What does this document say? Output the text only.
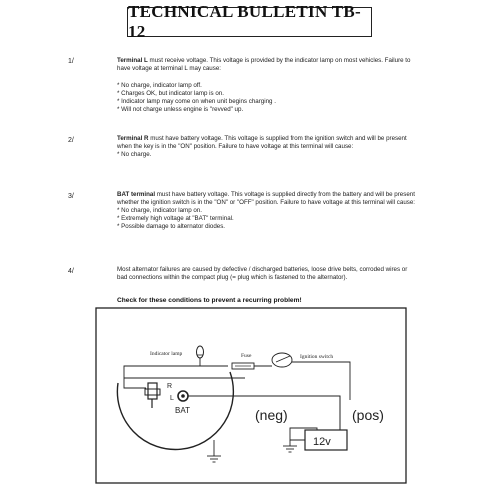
TECHNICAL BULLETIN TB-12
1/	Terminal L must receive voltage. This voltage is provided by the indicator lamp on most vehicles. Failure to have voltage at terminal L may cause:

* No charge, indicator lamp off.
* Charges OK, but indicator lamp is on.
* Indicator lamp may come on when unit begins charging .
* Will not charge unless engine is "revved" up.
2/	Terminal R must have battery voltage. This voltage is supplied from the ignition switch and will be present when the key is in the "ON" position. Failure to have voltage at this terminal will cause:

* No charge.
3/	BAT terminal must have battery voltage. This voltage is supplied directly from the battery and will be present whether the ignition switch is in the "ON" or "OFF" position. Failure to have voltage at this terminal will cause:

* No charge, indicator lamp on.
* Extremely high voltage at "BAT" terminal.
* Possible damage to alternator diodes.
4/	Most alternator failures are caused by defective / discharged batteries, loose drive belts, corroded wires or bad connections within the compact plug (= plug which is fastened to the alternator).

Check for these conditions to prevent a recurring problem!
R
L
BAT
Indicator lamp	Fuse	Ignition switch
12v
(neg)	(pos)
